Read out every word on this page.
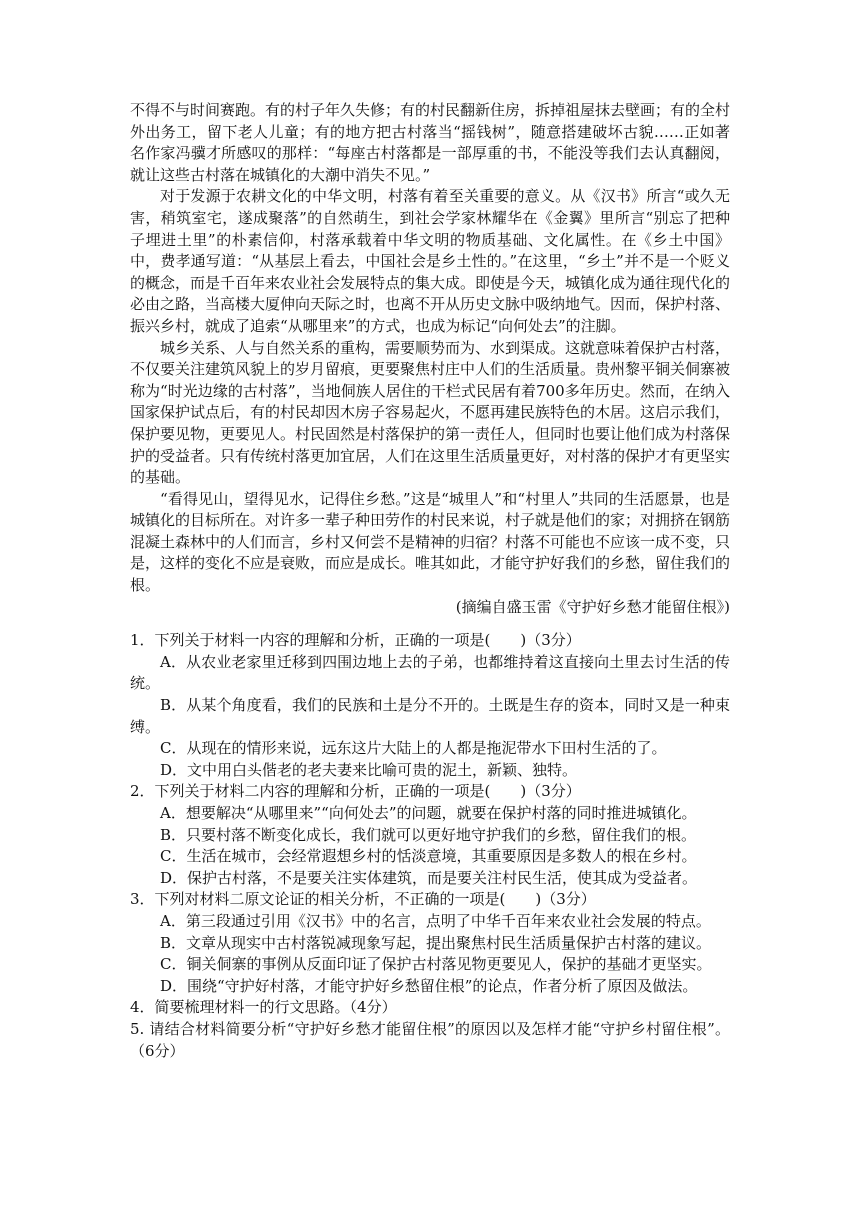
不得不与时间赛跑。有的村子年久失修；有的村民翻新住房，拆掉祖屋抹去壁画；有的全村外出务工，留下老人儿童；有的地方把古村落当“摇钱树”，随意搭建破坏古貌……正如著名作家冯骥才所感叹的那样：“每座古村落都是一部厚重的书，不能没等我们去认真翻阅，就让这些古村落在城镇化的大潮中消失不见。”

对于发源于农耕文化的中华文明，村落有着至关重要的意义。从《汉书》所言“或久无害，稍筑室宅，遂成聚落”的自然萌生，到社会学家林耀华在《金翼》里所言“别忘了把种子埋进土里”的朴素信仰，村落承载着中华文明的物质基础、文化属性。在《乡土中国》中，费孝通写道：“从基层上看去，中国社会是乡土性的。”在这里，“乡土”并不是一个贬义的概念，而是千百年来农业社会发展特点的集大成。即使是今天，城镇化成为通往现代化的必由之路，当高楼大厦伸向天际之时，也离不开从历史文脉中吸纳地气。因而，保护村落、振兴乡村，就成了追索“从哪里来”的方式，也成为标记“向何处去”的注脚。

城乡关系、人与自然关系的重构，需要顺势而为、水到渠成。这就意味着保护古村落，不仅要关注建筑风貌上的岁月留痕，更要聚焦村庄中人们的生活质量。贵州黎平铜关侗寨被称为“时光边缘的古村落”，当地侗族人居住的干栏式民居有着700多年历史。然而，在纳入国家保护试点后，有的村民却因木房子容易起火，不愿再建民族特色的木居。这启示我们，保护要见物，更要见人。村民固然是村落保护的第一责任人，但同时也要让他们成为村落保护的受益者。只有传统村落更加宜居，人们在这里生活质量更好，对村落的保护才有更坚实的基础。

“看得见山，望得见水，记得住乡愁。”这是“城里人”和“村里人”共同的生活愿景，也是城镇化的目标所在。对许多一辈子种田劳作的村民来说，村子就是他们的家；对拥挤在钢筋混凝土森林中的人们而言，乡村又何尝不是精神的归宿？村落不可能也不应该一成不变，只是，这样的变化不应是衰败，而应是成长。唯其如此，才能守护好我们的乡愁，留住我们的根。

(摘编自盛玉雷《守护好乡愁才能留住根》)

1．下列关于材料一内容的理解和分析，正确的一项是(　　)（3分）

A．从农业老家里迁移到四围边地上去的子弟，也都维持着这直接向土里去讨生活的传统。

B．从某个角度看，我们的民族和土是分不开的。土既是生存的资本，同时又是一种束缚。

C．从现在的情形来说，远东这片大陆上的人都是拖泥带水下田村生活的了。

D．文中用白头偕老的老夫妻来比喻可贵的泥土，新颖、独特。

2．下列关于材料二内容的理解和分析，正确的一项是(　　)（3分）

A．想要解决“从哪里来”“向何处去”的问题，就要在保护村落的同时推进城镇化。

B．只要村落不断变化成长，我们就可以更好地守护我们的乡愁，留住我们的根。

C．生活在城市，会经常遐想乡村的恬淡意境，其重要原因是多数人的根在乡村。

D．保护古村落，不是要关注实体建筑，而是要关注村民生活，使其成为受益者。

3．下列对材料二原文论证的相关分析，不正确的一项是(　　)（3分）

A．第三段通过引用《汉书》中的名言，点明了中华千百年来农业社会发展的特点。

B．文章从现实中古村落锐减现象写起，提出聚焦村民生活质量保护古村落的建议。

C．铜关侗寨的事例从反面印证了保护古村落见物更要见人，保护的基础才更坚实。

D．围绕“守护好村落，才能守护好乡愁留住根”的论点，作者分析了原因及做法。

4．简要梳理材料一的行文思路。（4分）

5. 请结合材料简要分析“守护好乡愁才能留住根”的原因以及怎样才能“守护乡村留住根”。（6分）
